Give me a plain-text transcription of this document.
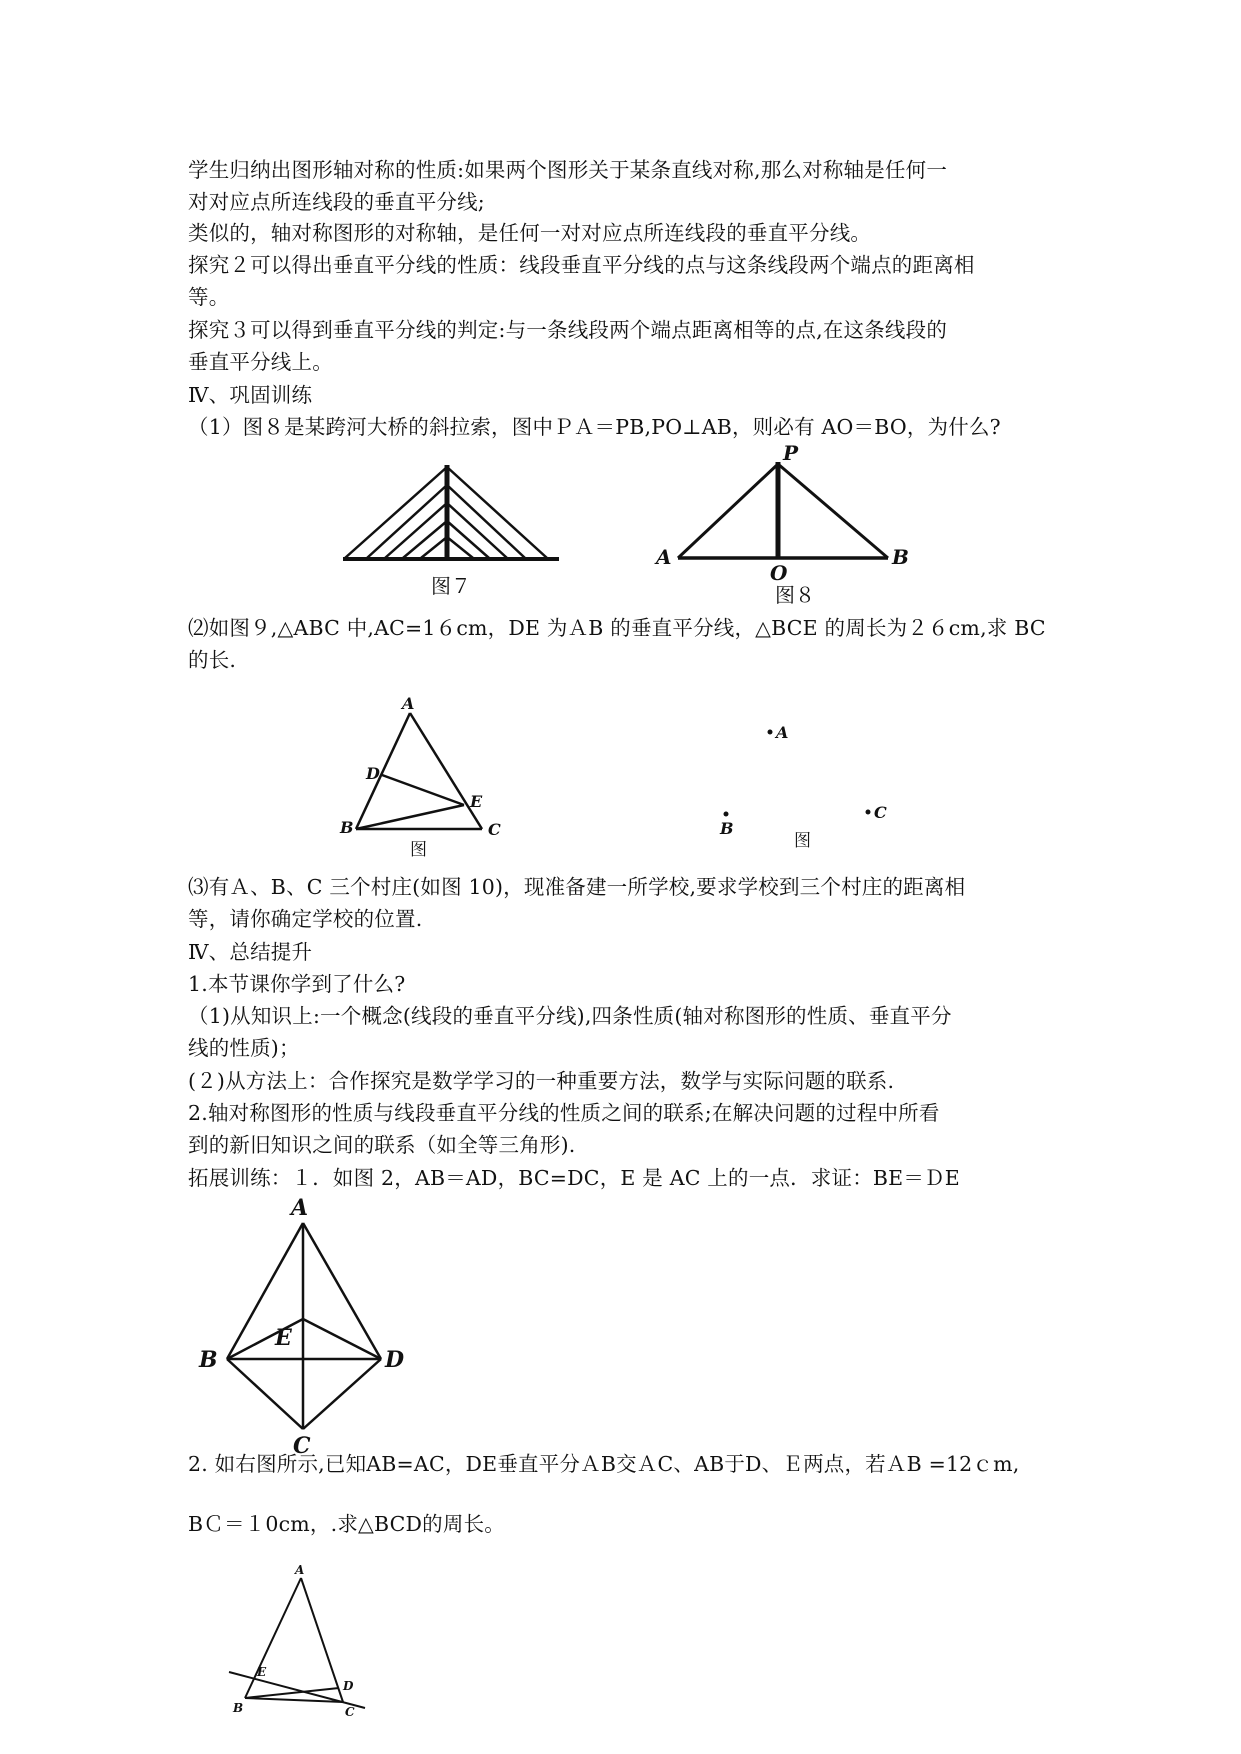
学生归纳出图形轴对称的性质:如果两个图形关于某条直线对称,那么对称轴是任何一
对对应点所连线段的垂直平分线;
类似的，轴对称图形的对称轴，是任何一对对应点所连线段的垂直平分线。
探究２可以得出垂直平分线的性质：线段垂直平分线的点与这条线段两个端点的距离相
等。
探究３可以得到垂直平分线的判定:与一条线段两个端点距离相等的点,在这条线段的
垂直平分线上。
Ⅳ、巩固训练
（1）图８是某跨河大桥的斜拉索，图中ＰＡ＝PB,PO⊥AB，则必有 AO＝BO，为什么?
⑵如图９,△ABC 中,AC=1６cm，DE 为ＡB 的垂直平分线，△BCE 的周长为２６cm,求 BC
的长.
⑶有Ａ、B、C 三个村庄(如图 10)，现准备建一所学校,要求学校到三个村庄的距离相
等，请你确定学校的位置.
Ⅳ、总结提升
1.本节课你学到了什么?
（1)从知识上:一个概念(线段的垂直平分线),四条性质(轴对称图形的性质、垂直平分
线的性质)；
(２)从方法上：合作探究是数学学习的一种重要方法，数学与实际问题的联系.
2.轴对称图形的性质与线段垂直平分线的性质之间的联系;在解决问题的过程中所看
到的新旧知识之间的联系（如全等三角形).
拓展训练：１．如图 2，AB＝AD，BC=DC，E 是 AC 上的一点．求证：BE＝ＤE
2. 如右图所示,已知AB=AC，DE垂直平分ＡB交ＡC、AB于D、Ｅ两点，若ＡB =12ｃm,
BＣ＝１0cm，.求△BCD的周长。
图７
P
A
O
B
图８
A
D
E
B	C
图
A
B
C
图
A
E
B	D
C
A
E
D
B	C
